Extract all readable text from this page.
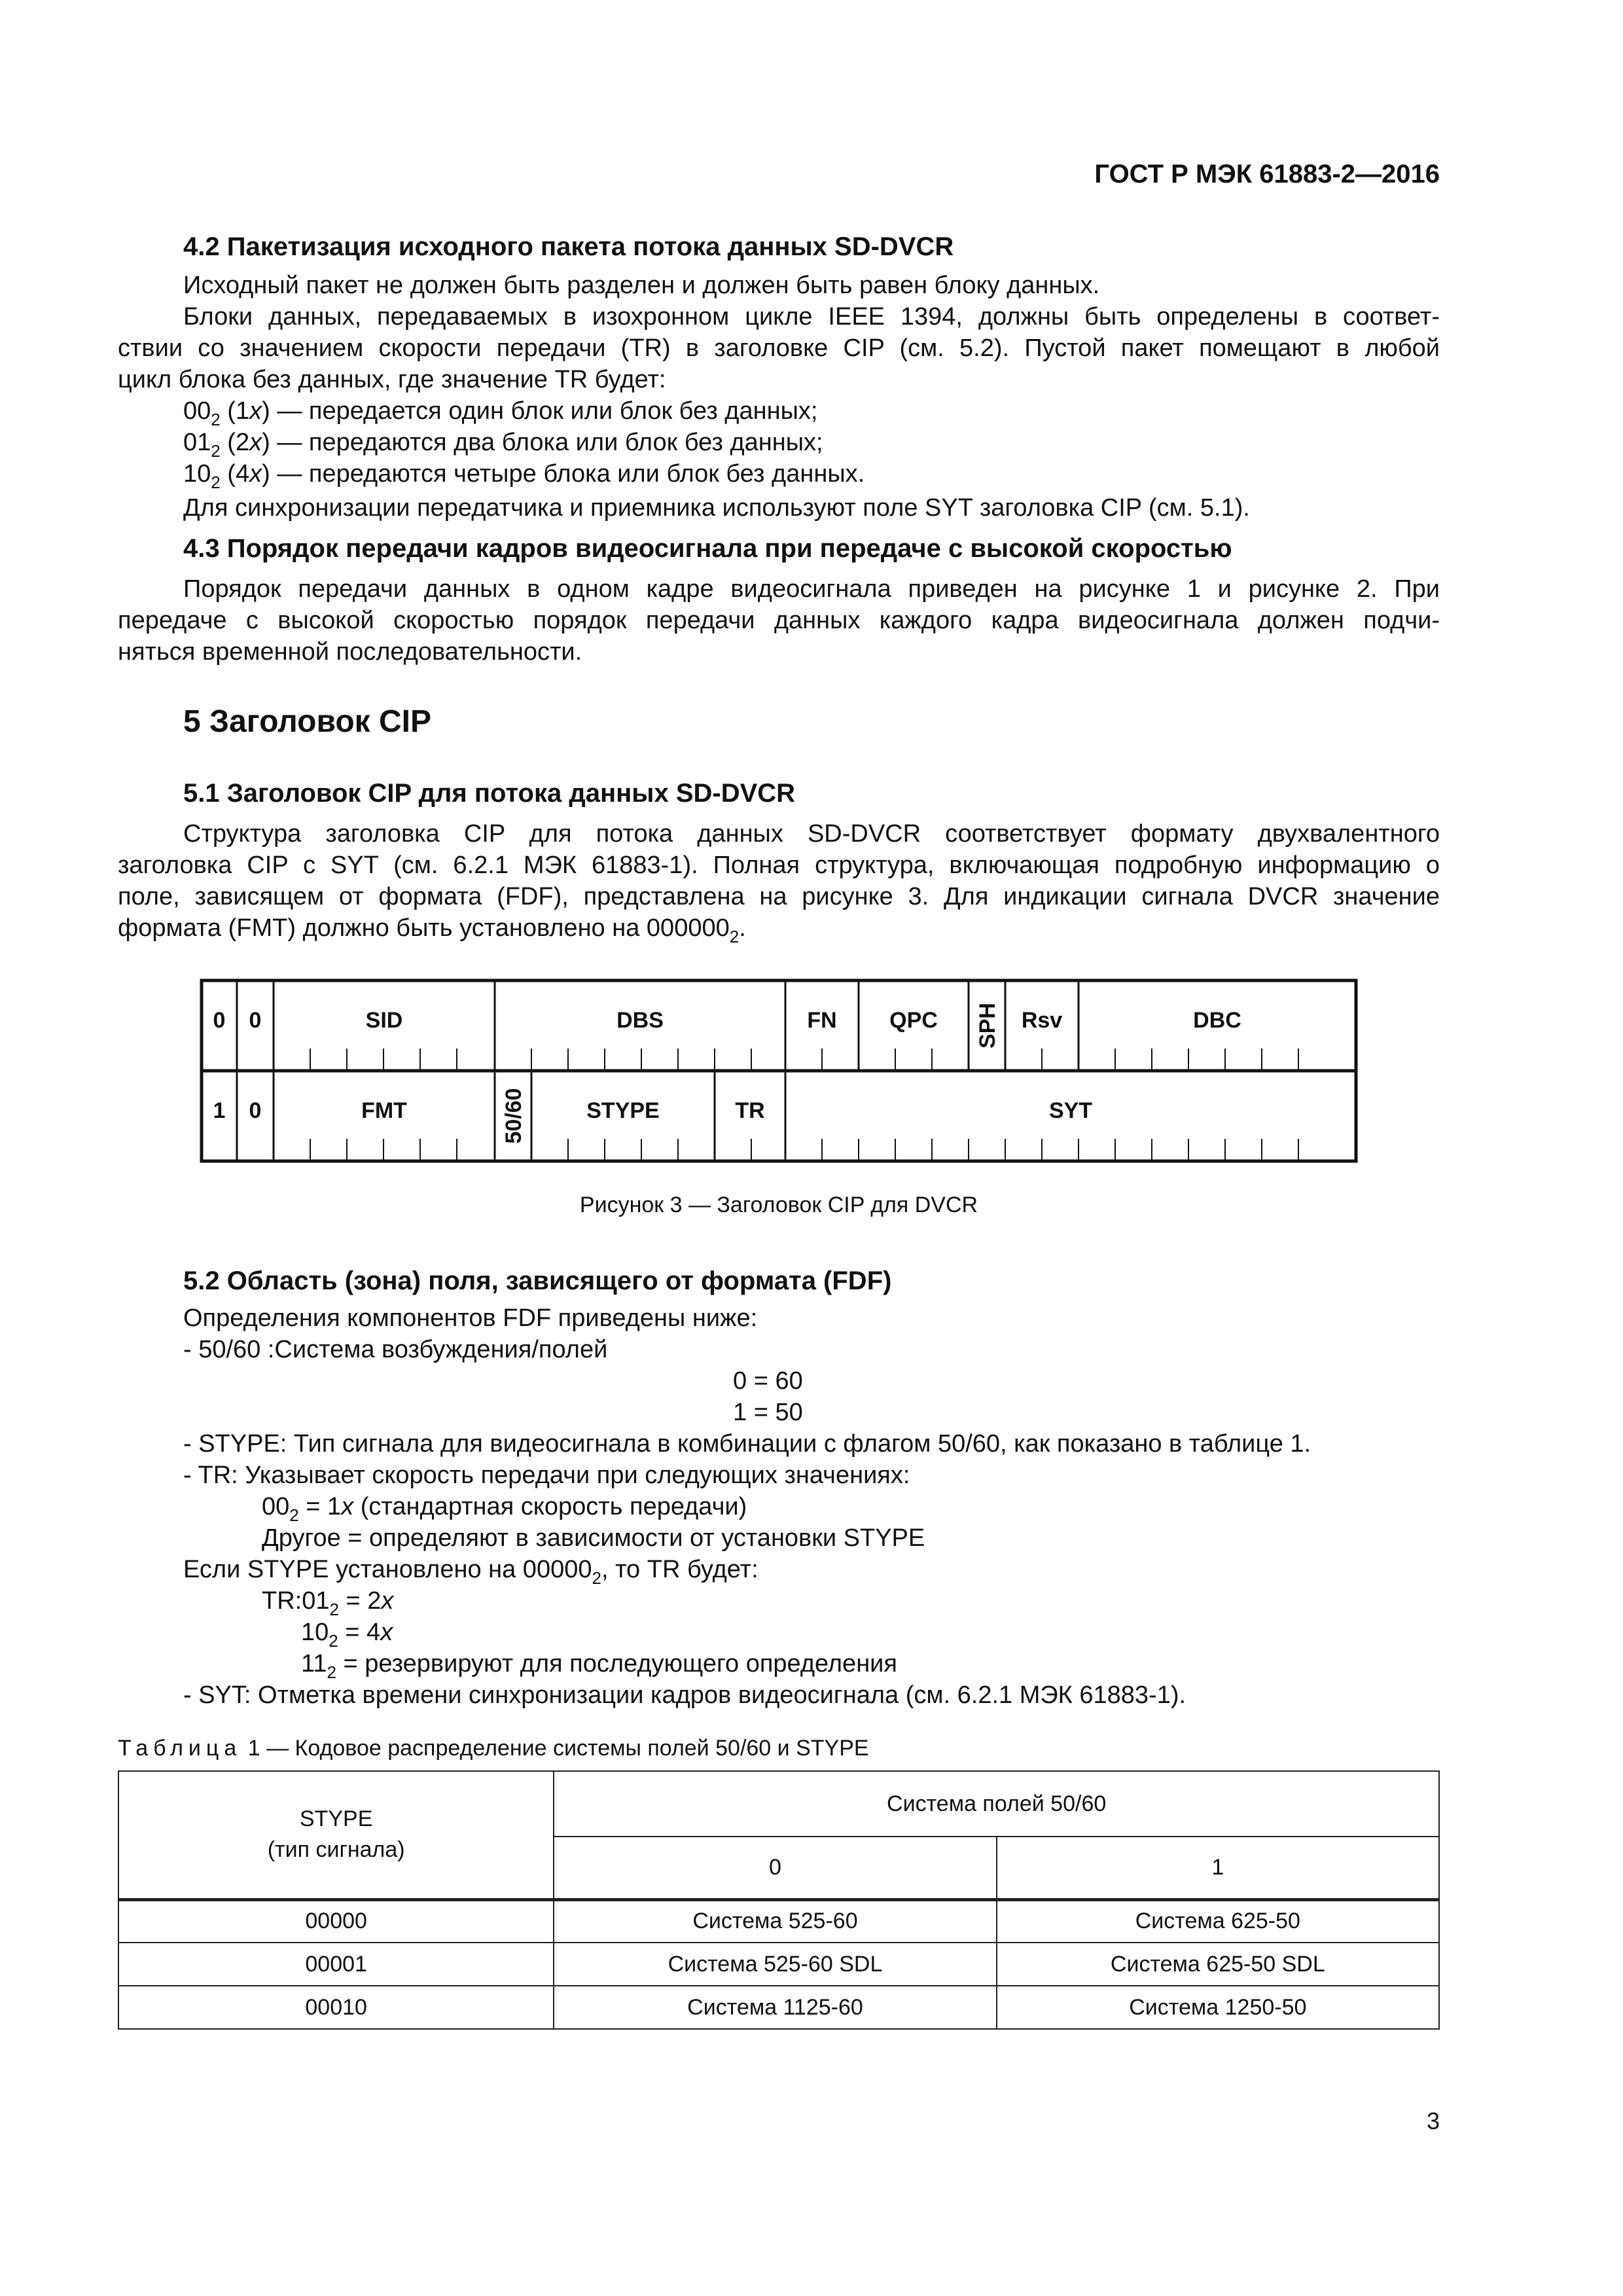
ГОСТ Р МЭК 61883-2—2016
4.2 Пакетизация исходного пакета потока данных SD-DVCR
Исходный пакет не должен быть разделен и должен быть равен блоку данных.
Блоки данных, передаваемых в изохронном цикле IEEE 1394, должны быть определены в соответ-
ствии со значением скорости передачи (TR) в заголовке CIP (см. 5.2). Пустой пакет помещают в любой
цикл блока без данных, где значение TR будет:
$00_2$ (1x) — передается один блок или блок без данных;
$01_2$ (2x) — передаются два блока или блок без данных;
$10_2$ (4x) — передаются четыре блока или блок без данных.
Для синхронизации передатчика и приемника используют поле SYT заголовка CIP (см. 5.1).
4.3 Порядок передачи кадров видеосигнала при передаче с высокой скоростью
Порядок передачи данных в одном кадре видеосигнала приведен на рисунке 1 и рисунке 2. При
передаче с высокой скоростью порядок передачи данных каждого кадра видеосигнала должен подчи-
няться временной последовательности.
5 Заголовок CIP
5.1 Заголовок CIP для потока данных SD-DVCR
Структура заголовка CIP для потока данных SD-DVCR соответствует формату двухвалентного
заголовка CIP с SYT (см. 6.2.1 МЭК 61883-1). Полная структура, включающая подробную информацию о
поле, зависящем от формата (FDF), представлена на рисунке 3. Для индикации сигнала DVCR значение
формата (FMT) должно быть установлено на $000000_2$.
0 0	SID	DBS	FN QPC SPH Rsv	DBC
1 0	FMT	50/60	STYPE	TR	SYT
Рисунок 3 — Заголовок CIP для DVCR
5.2 Область (зона) поля, зависящего от формата (FDF)
Определения компонентов FDF приведены ниже:
- 50/60 :Система возбуждения/полей
0 = 60
1 = 50
- STYPE: Тип сигнала для видеосигнала в комбинации с флагом 50/60, как показано в таблице 1.
- TR: Указывает скорость передачи при следующих значениях:
$00_2 = 1x$ (стандартная скорость передачи)
Другое = определяют в зависимости от установки STYPE
Если STYPE установлено на $00000_2$, то TR будет:
$TR:01_2 = 2x$
$10_2 = 4x$
$11_2$ = резервируют для последующего определения
- SYT: Отметка времени синхронизации кадров видеосигнала (см. 6.2.1 МЭК 61883-1).
Таблица 1 — Кодовое распределение системы полей 50/60 и STYPE
STYPE
(тип сигнала)	Система полей 50/60	
	0	1
00000	Система 525-60	Система 625-50
00001	Система 525-60 SDL	Система 625-50 SDL
00010	Система 1125-60	Система 1250-50
3
